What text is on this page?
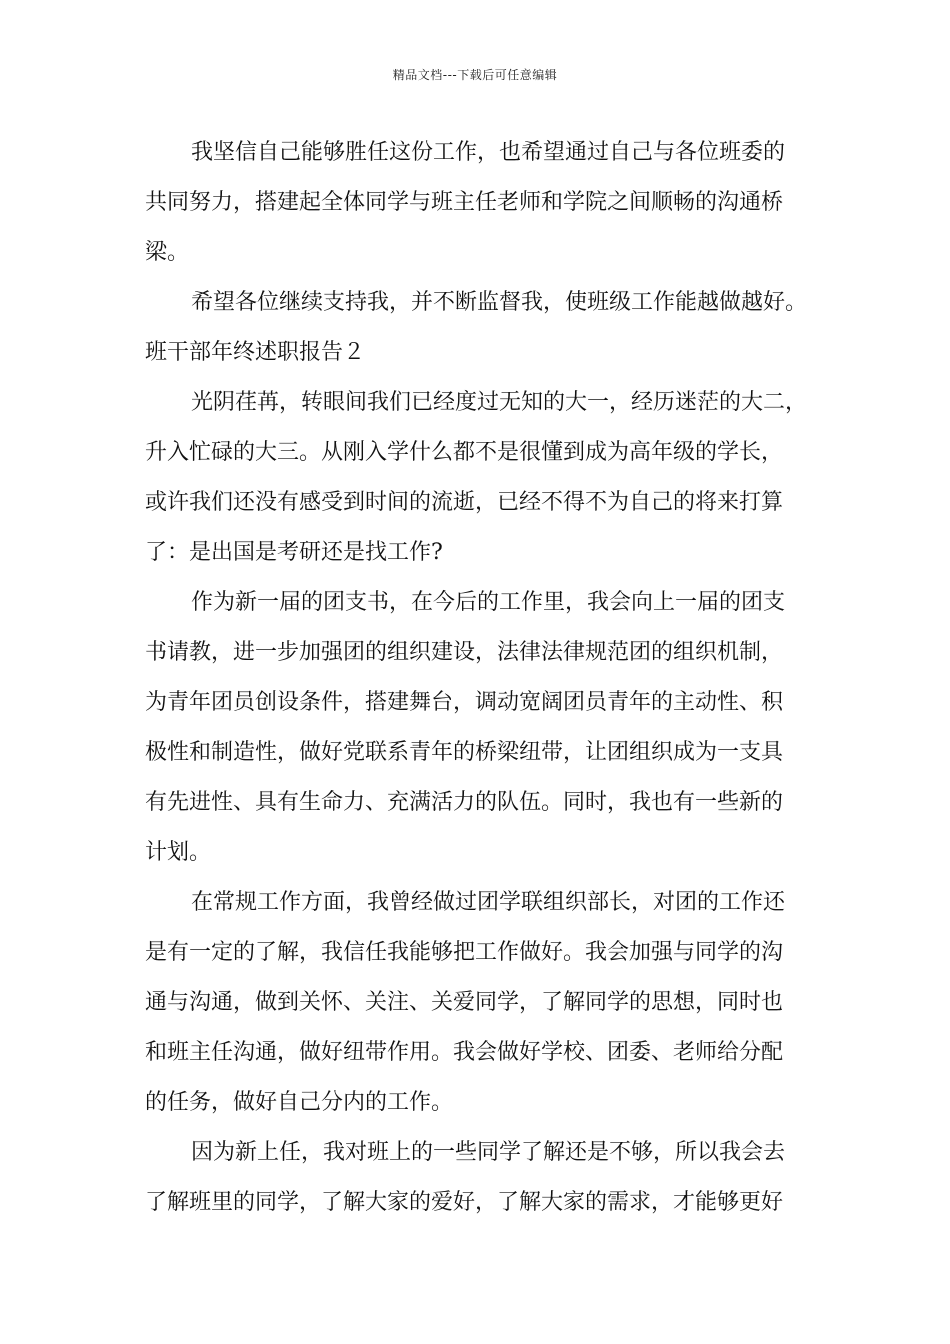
精品文档---下载后可任意编辑
我坚信自己能够胜任这份工作，也希望通过自己与各位班委的
共同努力，搭建起全体同学与班主任老师和学院之间顺畅的沟通桥
梁。
希望各位继续支持我，并不断监督我，使班级工作能越做越好。
班干部年终述职报告２
光阴荏苒，转眼间我们已经度过无知的大一，经历迷茫的大二，
升入忙碌的大三。从刚入学什么都不是很懂到成为高年级的学长，
或许我们还没有感受到时间的流逝，已经不得不为自己的将来打算
了：是出国是考研还是找工作?
作为新一届的团支书，在今后的工作里，我会向上一届的团支
书请教，进一步加强团的组织建设，法律法律规范团的组织机制，
为青年团员创设条件，搭建舞台，调动宽阔团员青年的主动性、积
极性和制造性，做好党联系青年的桥梁纽带，让团组织成为一支具
有先进性、具有生命力、充满活力的队伍。同时，我也有一些新的
计划。
在常规工作方面，我曾经做过团学联组织部长，对团的工作还
是有一定的了解，我信任我能够把工作做好。我会加强与同学的沟
通与沟通，做到关怀、关注、关爱同学，了解同学的思想，同时也
和班主任沟通，做好纽带作用。我会做好学校、团委、老师给分配
的任务，做好自己分内的工作。
因为新上任，我对班上的一些同学了解还是不够，所以我会去
了解班里的同学，了解大家的爱好，了解大家的需求，才能够更好
